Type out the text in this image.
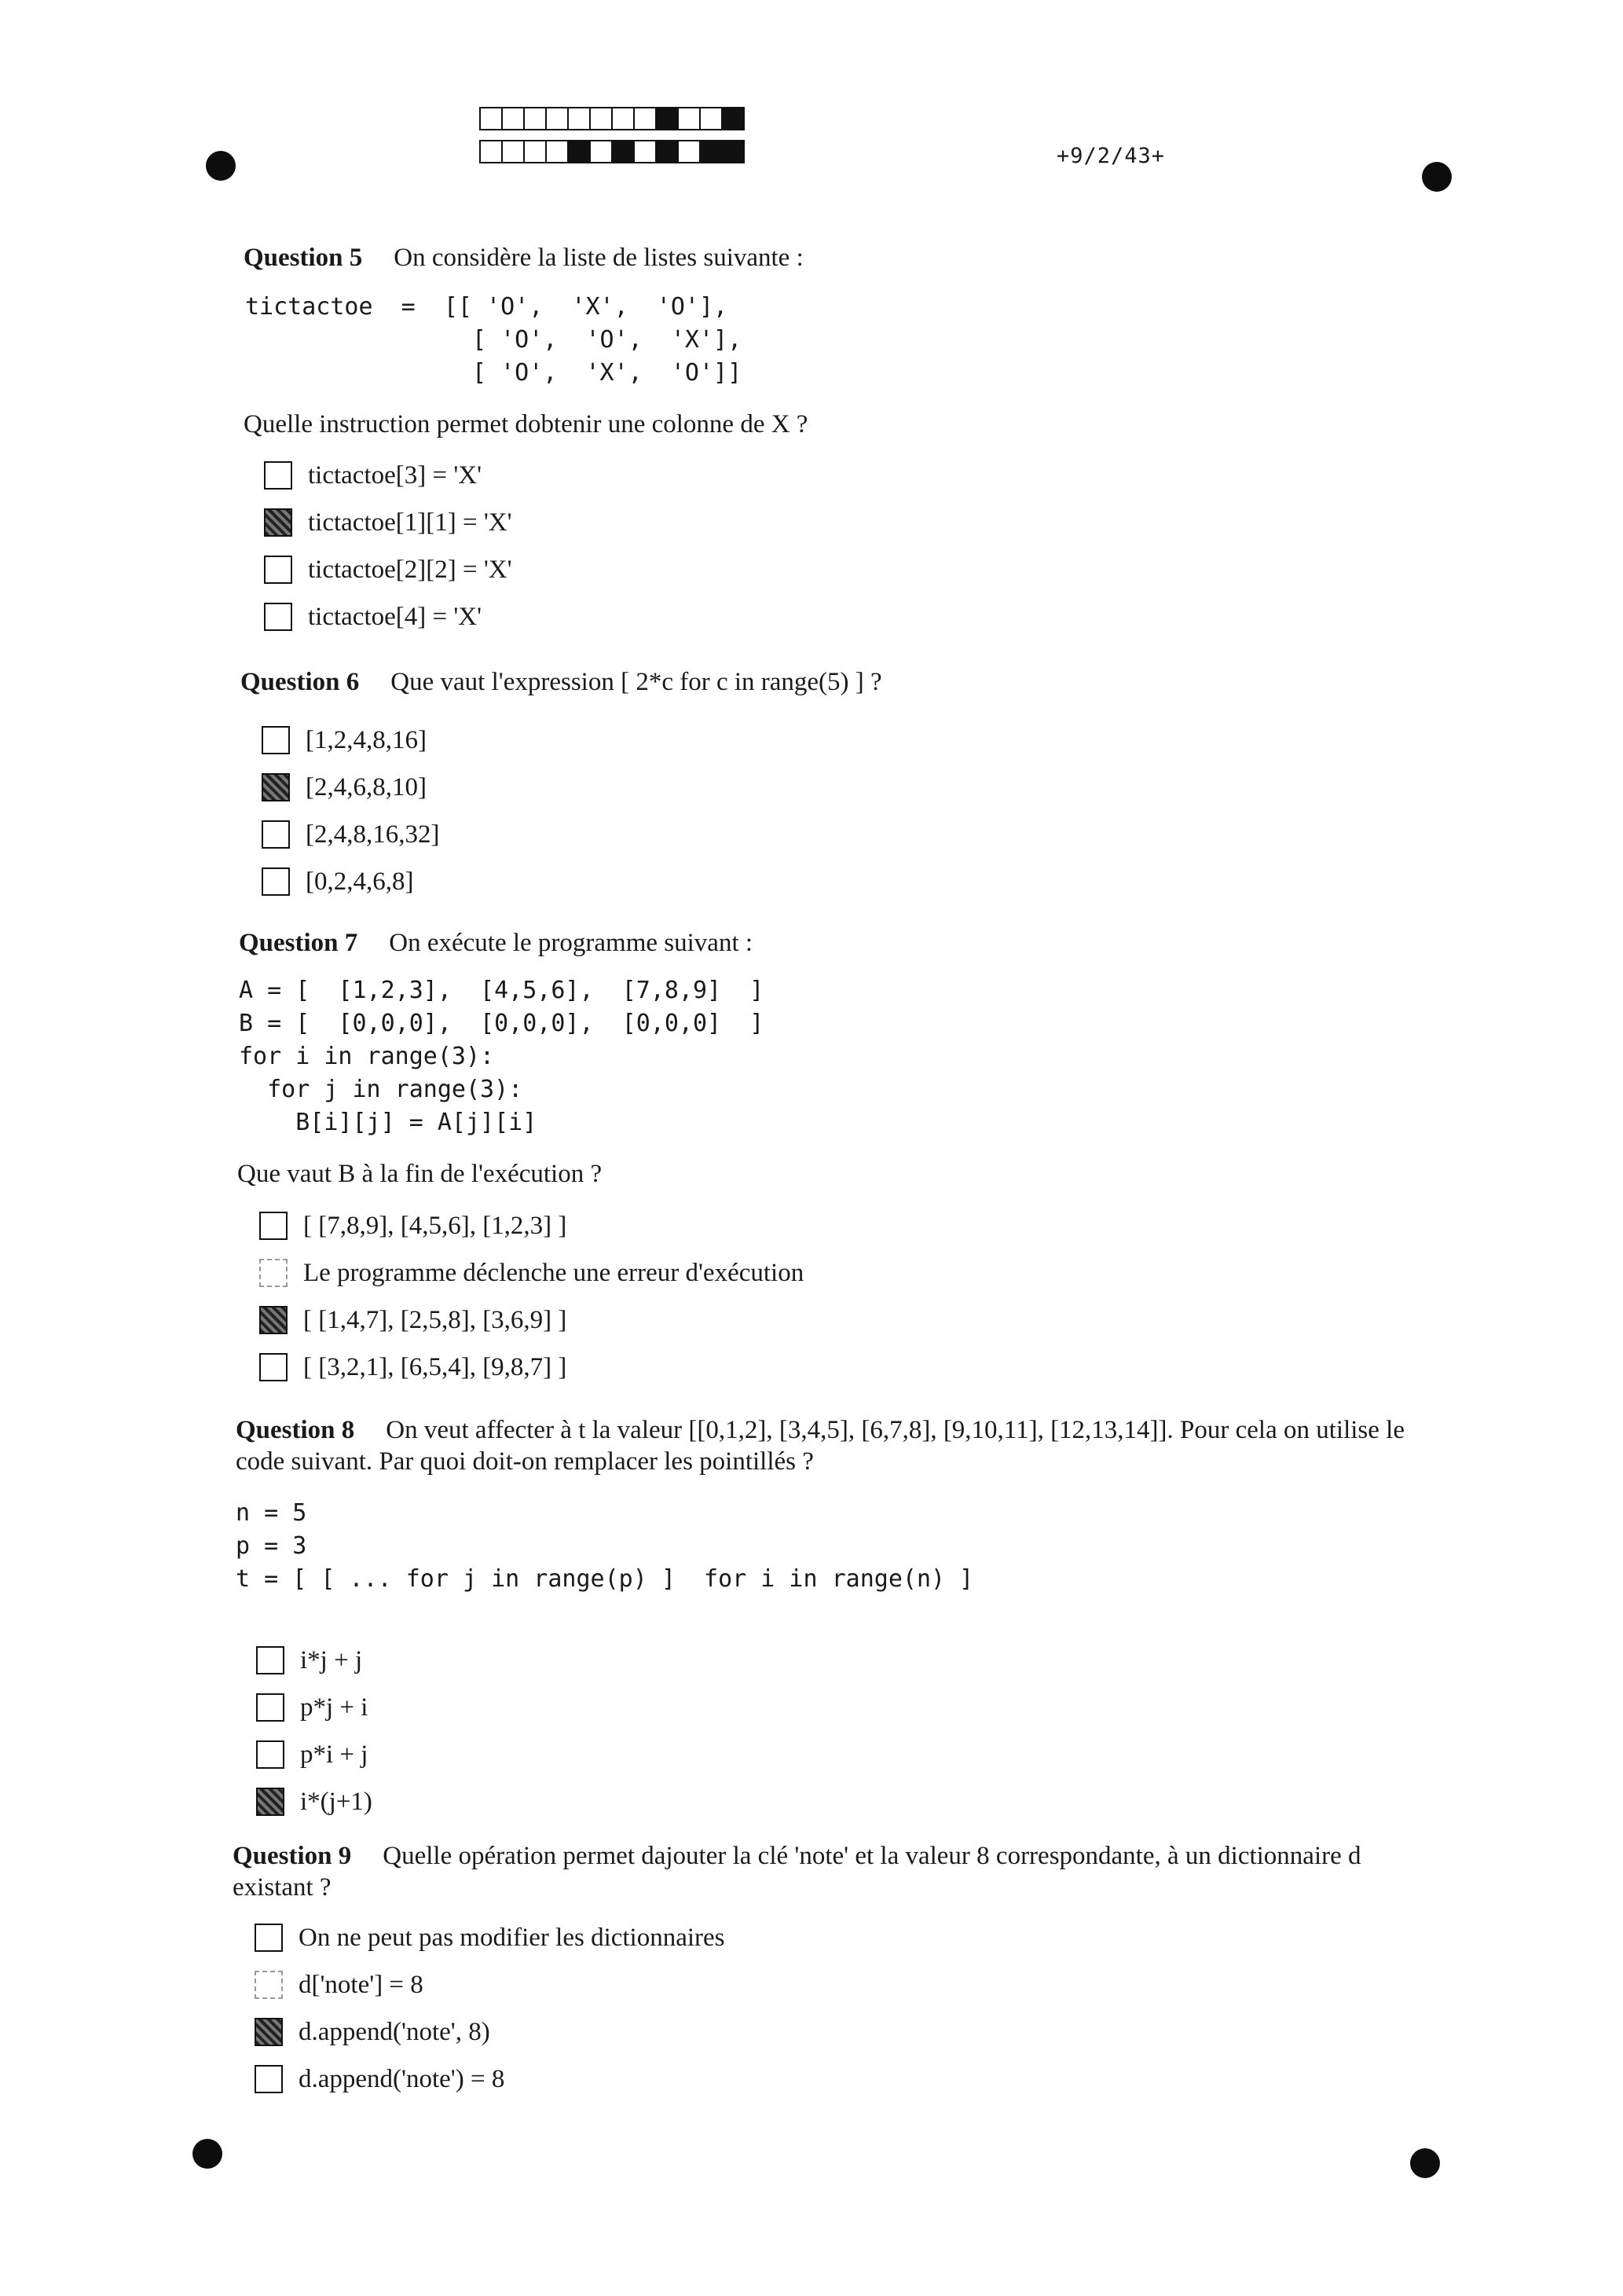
+9/2/43+
Question 5 On considère la liste de listes suivante :
tictactoe  =  [[ 'O',  'X',  'O'],
[ 'O',  'O',  'X'],
[ 'O',  'X',  'O']]
Quelle instruction permet dobtenir une colonne de X ?
tictactoe[3] = 'X'
tictactoe[1][1] = 'X'
tictactoe[2][2] = 'X'
tictactoe[4] = 'X'
Question 6 Que vaut l'expression [ 2*c for c in range(5) ] ?
[1,2,4,8,16]
[2,4,6,8,10]
[2,4,8,16,32]
[0,2,4,6,8]
Question 7 On exécute le programme suivant :
A = [  [1,2,3],  [4,5,6],  [7,8,9]  ]
B = [  [0,0,0],  [0,0,0],  [0,0,0]  ]
for i in range(3):
for j in range(3):
B[i][j] = A[j][i]
Que vaut B à la fin de l'exécution ?
[ [7,8,9], [4,5,6], [1,2,3] ]
Le programme déclenche une erreur d'exécution
[ [1,4,7], [2,5,8], [3,6,9] ]
[ [3,2,1], [6,5,4], [9,8,7] ]
Question 8 On veut affecter à t la valeur [[0,1,2], [3,4,5], [6,7,8], [9,10,11], [12,13,14]]. Pour cela on utilise le code suivant. Par quoi doit-on remplacer les pointillés ?
n = 5
p = 3
t = [ [ ... for j in range(p) ]  for i in range(n) ]
i*j + j
p*j + i
p*i + j
i*(j+1)
Question 9 Quelle opération permet dajouter la clé 'note' et la valeur 8 correspondante, à un dictionnaire d existant ?
On ne peut pas modifier les dictionnaires
d['note'] = 8
d.append('note', 8)
d.append('note') = 8
